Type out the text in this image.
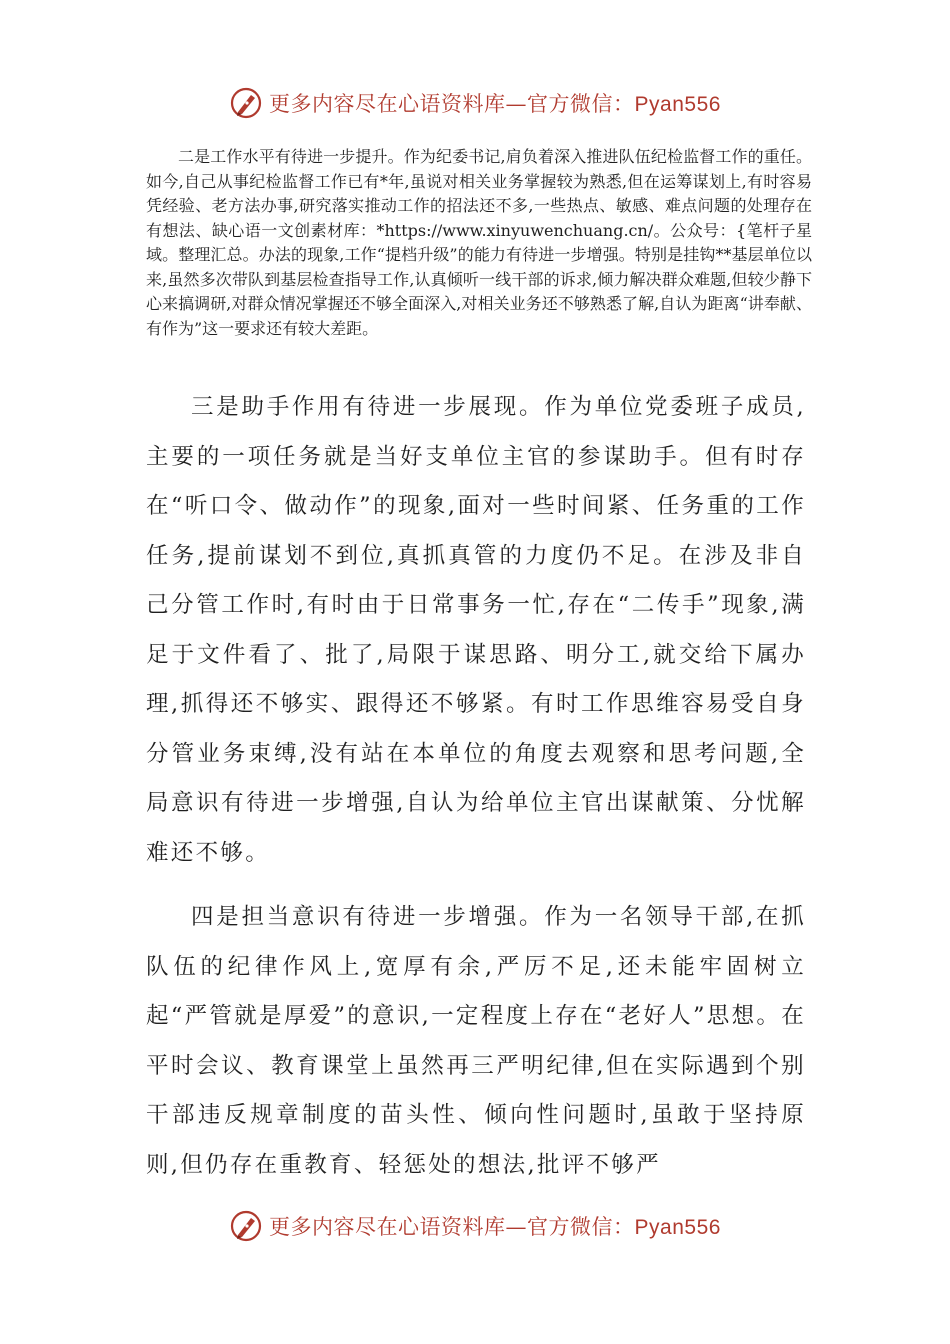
更多内容尽在心语资料库—官方微信：Pyan556

二是工作水平有待进一步提升。作为纪委书记,肩负着深入推进队伍纪检监督工作的重任。如今,自己从事纪检监督工作已有*年,虽说对相关业务掌握较为熟悉,但在运筹谋划上,有时容易凭经验、老方法办事,研究落实推动工作的招法还不多,一些热点、敏感、难点问题的处理存在有想法、缺心语一文创素材库：*https://www.xinyuwenchuang.cn/。公众号：{笔杆子星域。整理汇总。办法的现象,工作“提档升级”的能力有待进一步增强。特别是挂钩**基层单位以来,虽然多次带队到基层检查指导工作,认真倾听一线干部的诉求,倾力解决群众难题,但较少静下心来搞调研,对群众情况掌握还不够全面深入,对相关业务还不够熟悉了解,自认为距离“讲奉献、有作为”这一要求还有较大差距。

三是助手作用有待进一步展现。作为单位党委班子成员,主要的一项任务就是当好支单位主官的参谋助手。但有时存在“听口令、做动作”的现象,面对一些时间紧、任务重的工作任务,提前谋划不到位,真抓真管的力度仍不足。在涉及非自己分管工作时,有时由于日常事务一忙,存在“二传手”现象,满足于文件看了、批了,局限于谋思路、明分工,就交给下属办理,抓得还不够实、跟得还不够紧。有时工作思维容易受自身分管业务束缚,没有站在本单位的角度去观察和思考问题,全局意识有待进一步增强,自认为给单位主官出谋献策、分忧解难还不够。

四是担当意识有待进一步增强。作为一名领导干部,在抓队伍的纪律作风上,宽厚有余,严厉不足,还未能牢固树立起“严管就是厚爱”的意识,一定程度上存在“老好人”思想。在平时会议、教育课堂上虽然再三严明纪律,但在实际遇到个别干部违反规章制度的苗头性、倾向性问题时,虽敢于坚持原则,但仍存在重教育、轻惩处的想法,批评不够严

更多内容尽在心语资料库—官方微信：Pyan556
